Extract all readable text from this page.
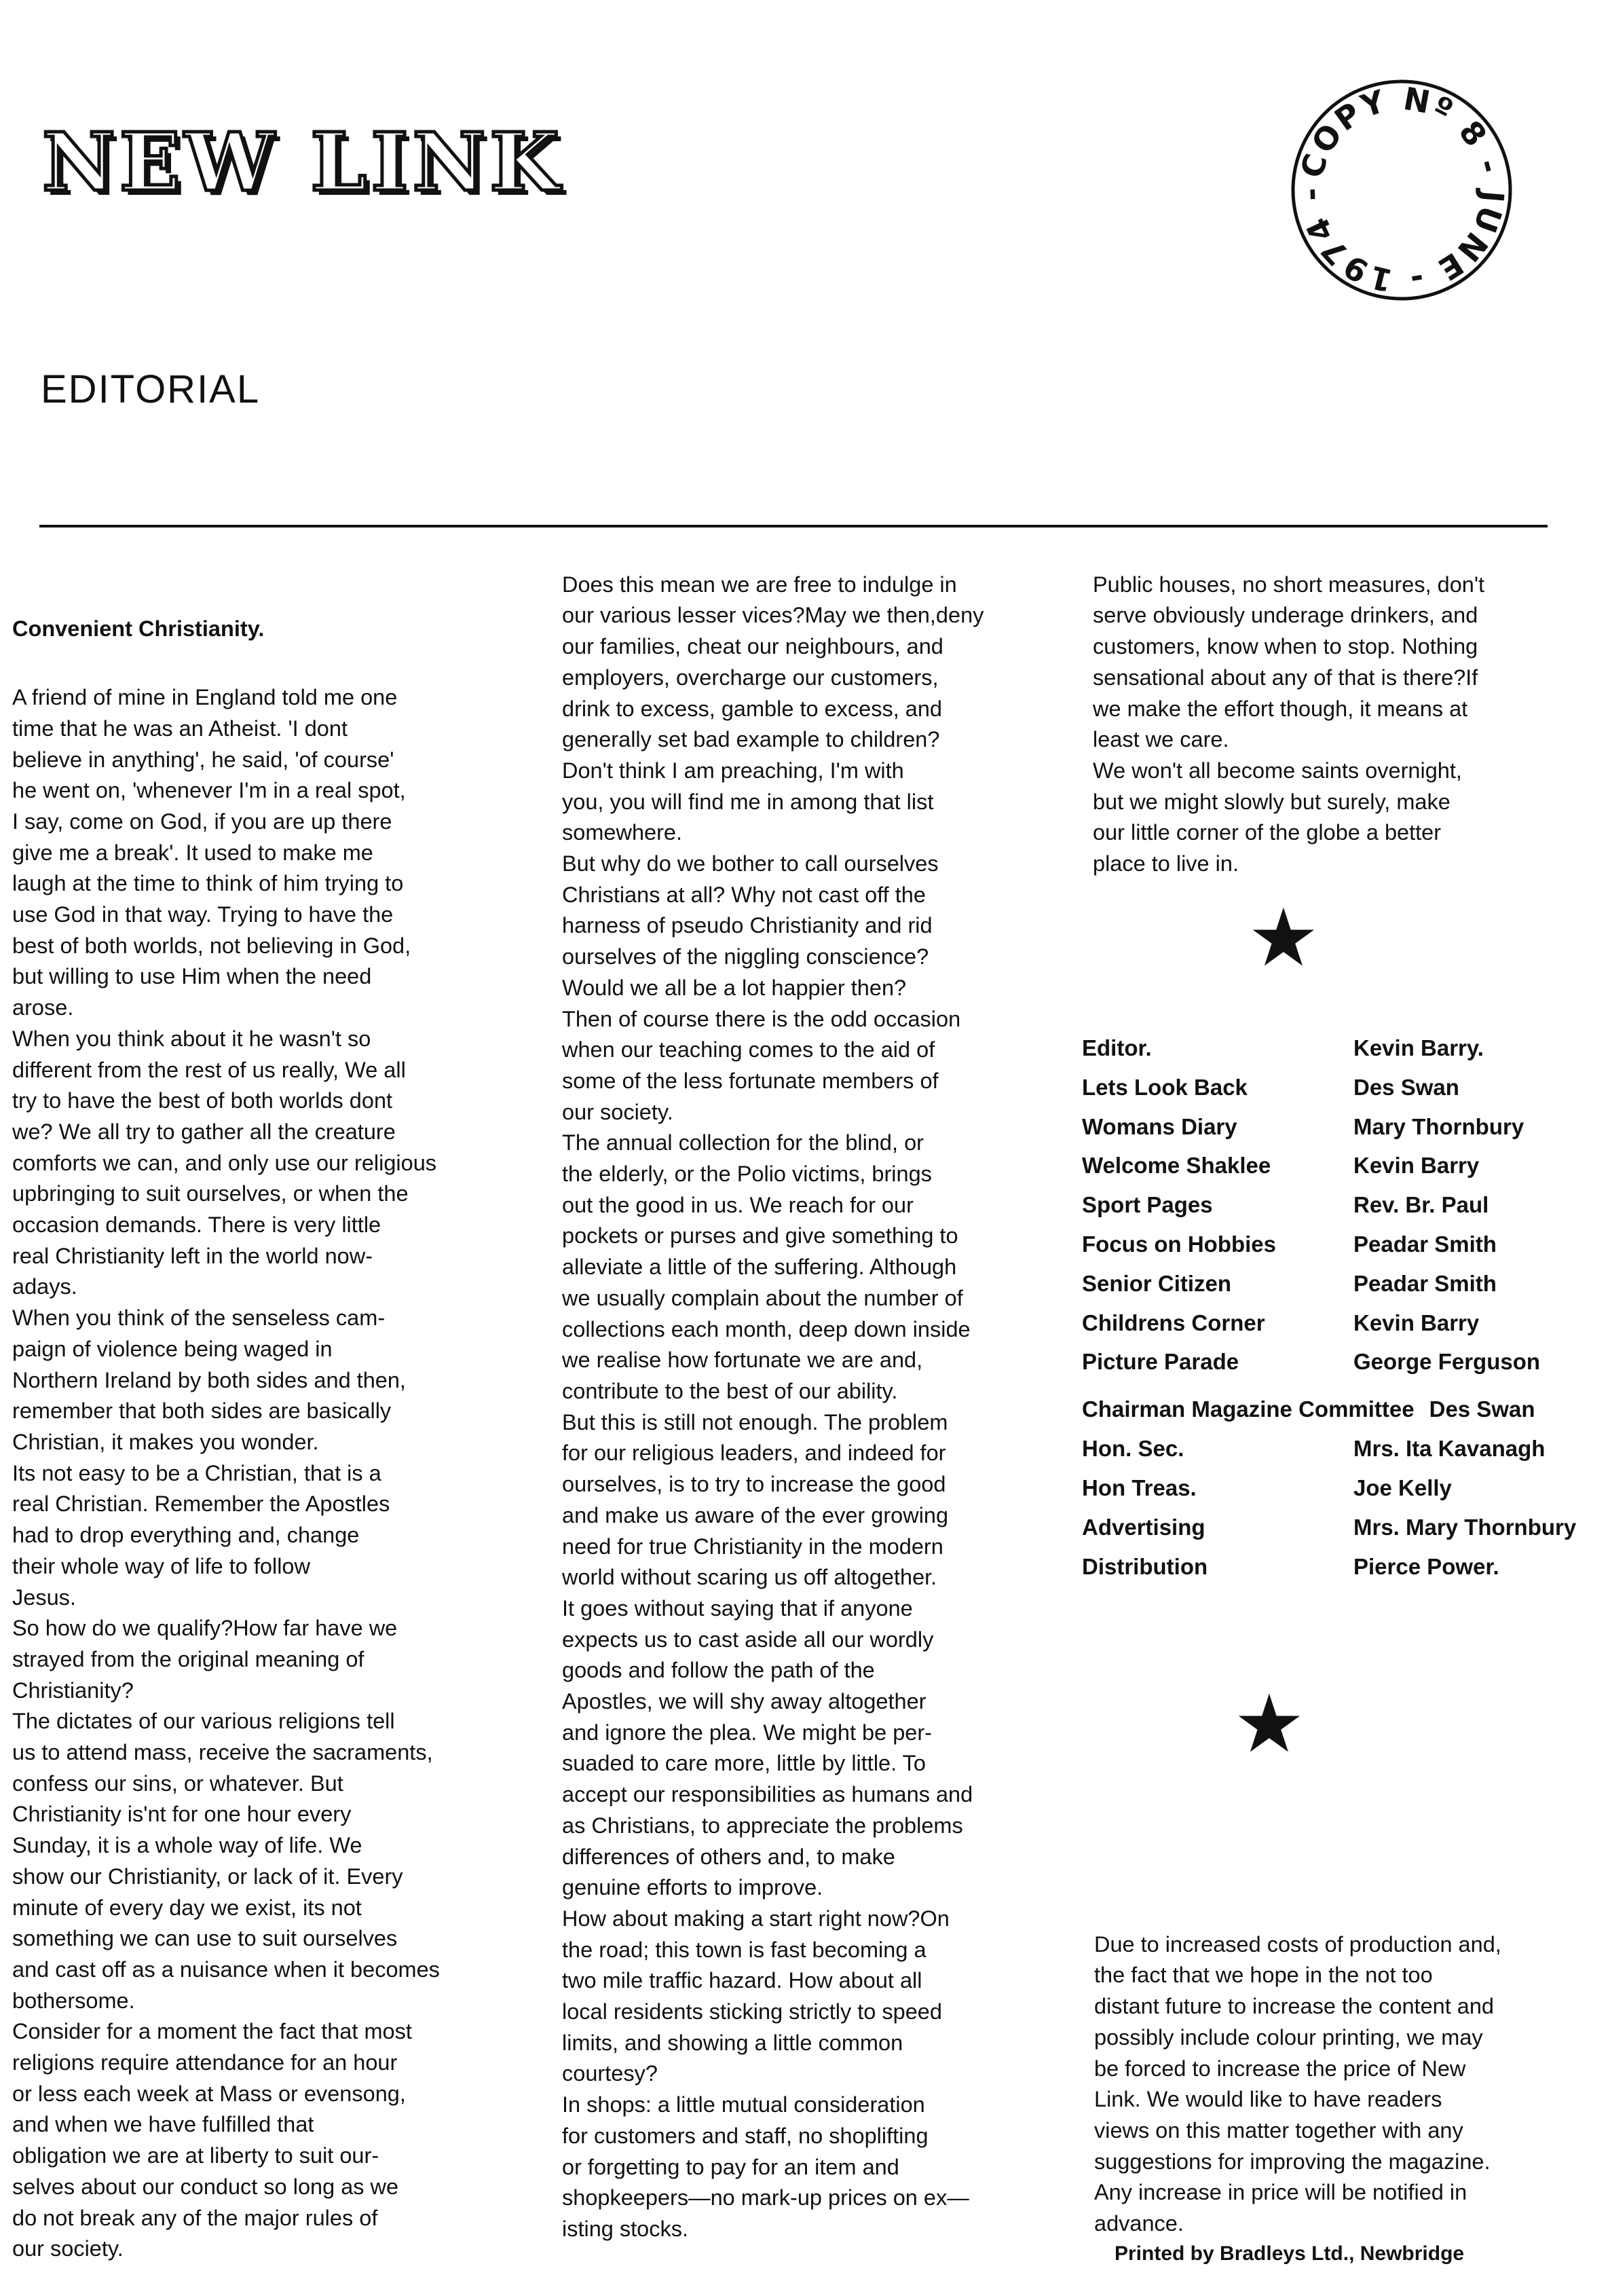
NEW LINK	COPY Nº 8 - JUNE - 1974 -
EDITORIAL

Convenient Christianity.

A friend of mine in England told me one
time that he was an Atheist. 'I dont
believe in anything', he said, 'of course'
he went on, 'whenever I'm in a real spot,
I say, come on God, if you are up there
give me a break'. It used to make me
laugh at the time to think of him trying to
use God in that way. Trying to have the
best of both worlds, not believing in God,
but willing to use Him when the need
arose.
When you think about it he wasn't so
different from the rest of us really, We all
try to have the best of both worlds dont
we? We all try to gather all the creature
comforts we can, and only use our religious
upbringing to suit ourselves, or when the
occasion demands. There is very little
real Christianity left in the world now-
adays.
When you think of the senseless cam-
paign of violence being waged in
Northern Ireland by both sides and then,
remember that both sides are basically
Christian, it makes you wonder.
Its not easy to be a Christian, that is a
real Christian. Remember the Apostles
had to drop everything and, change
their whole way of life to follow
Jesus.
So how do we qualify?How far have we
strayed from the original meaning of
Christianity?
The dictates of our various religions tell
us to attend mass, receive the sacraments,
confess our sins, or whatever. But
Christianity is'nt for one hour every
Sunday, it is a whole way of life. We
show our Christianity, or lack of it. Every
minute of every day we exist, its not
something we can use to suit ourselves
and cast off as a nuisance when it becomes
bothersome.
Consider for a moment the fact that most
religions require attendance for an hour
or less each week at Mass or evensong,
and when we have fulfilled that
obligation we are at liberty to suit our-
selves about our conduct so long as we
do not break any of the major rules of
our society.

Does this mean we are free to indulge in
our various lesser vices?May we then,deny
our families, cheat our neighbours, and
employers, overcharge our customers,
drink to excess, gamble to excess, and
generally set bad example to children?
Don't think I am preaching, I'm with
you, you will find me in among that list
somewhere.
But why do we bother to call ourselves
Christians at all? Why not cast off the
harness of pseudo Christianity and rid
ourselves of the niggling conscience?
Would we all be a lot happier then?
Then of course there is the odd occasion
when our teaching comes to the aid of
some of the less fortunate members of
our society.
The annual collection for the blind, or
the elderly, or the Polio victims, brings
out the good in us. We reach for our
pockets or purses and give something to
alleviate a little of the suffering. Although
we usually complain about the number of
collections each month, deep down inside
we realise how fortunate we are and,
contribute to the best of our ability.
But this is still not enough. The problem
for our religious leaders, and indeed for
ourselves, is to try to increase the good
and make us aware of the ever growing
need for true Christianity in the modern
world without scaring us off altogether.
It goes without saying that if anyone
expects us to cast aside all our wordly
goods and follow the path of the
Apostles, we will shy away altogether
and ignore the plea. We might be per-
suaded to care more, little by little. To
accept our responsibilities as humans and
as Christians, to appreciate the problems
differences of others and, to make
genuine efforts to improve.
How about making a start right now?On
the road; this town is fast becoming a
two mile traffic hazard. How about all
local residents sticking strictly to speed
limits, and showing a little common
courtesy?
In shops: a little mutual consideration
for customers and staff, no shoplifting
or forgetting to pay for an item and
shopkeepers—no mark-up prices on ex—
isting stocks.

Public houses, no short measures, don't
serve obviously underage drinkers, and
customers, know when to stop. Nothing
sensational about any of that is there?If
we make the effort though, it means at
least we care.
We won't all become saints overnight,
but we might slowly but surely, make
our little corner of the globe a better
place to live in.

★
Editor.	Kevin Barry.
Lets Look Back	Des Swan
Womans Diary	Mary Thornbury
Welcome Shaklee	Kevin Barry
Sport Pages	Rev. Br. Paul
Focus on Hobbies	Peadar Smith
Senior Citizen	Peadar Smith
Childrens Corner	Kevin Barry
Picture Parade	George Ferguson
Chairman Magazine Committee Des Swan
Hon. Sec.	Mrs. Ita Kavanagh
Hon Treas.	Joe Kelly
Advertising	Mrs. Mary Thornbury
Distribution	Pierce Power.
★

Due to increased costs of production and,
the fact that we hope in the not too
distant future to increase the content and
possibly include colour printing, we may
be forced to increase the price of New
Link. We would like to have readers
views on this matter together with any
suggestions for improving the magazine.
Any increase in price will be notified in
advance.

Printed by Bradleys Ltd., Newbridge
